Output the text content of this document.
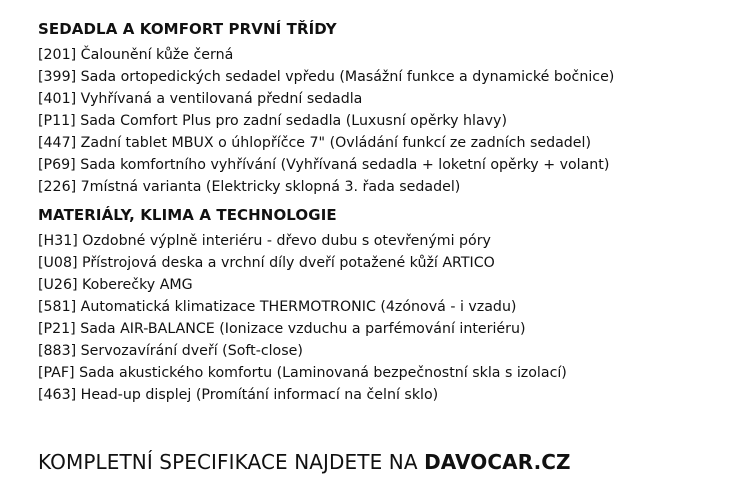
SEDADLA A KOMFORT PRVNÍ TŘÍDY
[201] Čalounění kůže černá
[399] Sada ortopedických sedadel vpředu (Masážní funkce a dynamické bočnice)
[401] Vyhřívaná a ventilovaná přední sedadla
[P11] Sada Comfort Plus pro zadní sedadla (Luxusní opěrky hlavy)
[447] Zadní tablet MBUX o úhlopříčce 7" (Ovládání funkcí ze zadních sedadel)
[P69] Sada komfortního vyhřívání (Vyhřívaná sedadla + loketní opěrky + volant)
[226] 7místná varianta (Elektricky sklopná 3. řada sedadel)
MATERIÁLY, KLIMA A TECHNOLOGIE
[H31] Ozdobné výplně interiéru - dřevo dubu s otevřenými póry
[U08] Přístrojová deska a vrchní díly dveří potažené kůží ARTICO
[U26] Koberečky AMG
[581] Automatická klimatizace THERMOTRONIC (4zónová - i vzadu)
[P21] Sada AIR-BALANCE (Ionizace vzduchu a parfémování interiéru)
[883] Servozavírání dveří (Soft-close)
[PAF] Sada akustického komfortu (Laminovaná bezpečnostní skla s izolací)
[463] Head-up displej (Promítání informací na čelní sklo)
KOMPLETNÍ SPECIFIKACE NAJDETE NA DAVOCAR.CZ
